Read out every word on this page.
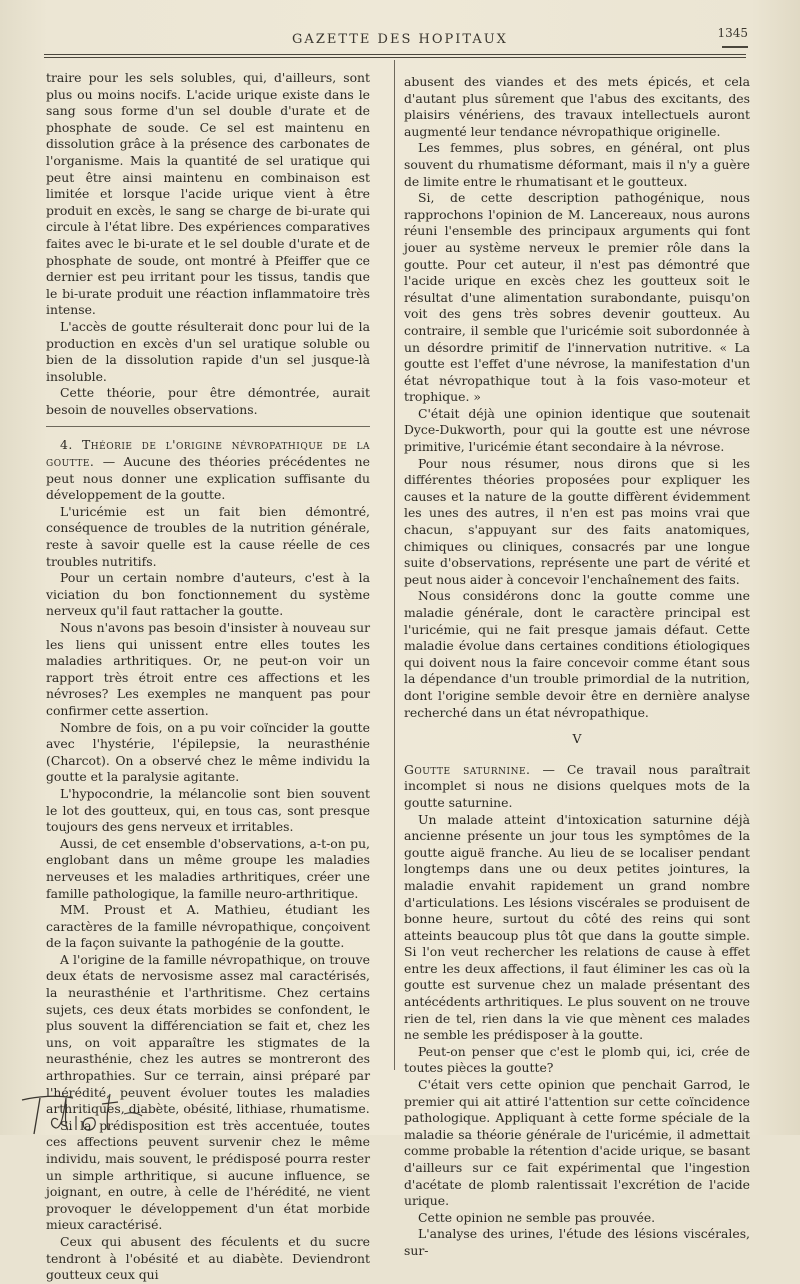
GAZETTE DES HOPITAUX	1345

traire pour les sels solubles, qui, d'ailleurs, sont plus ou moins nocifs. L'acide urique existe dans le sang sous forme d'un sel double d'urate et de phosphate de soude. Ce sel est maintenu en dissolution grâce à la présence des carbonates de l'organisme. Mais la quantité de sel uratique qui peut être ainsi maintenu en combinaison est limitée et lorsque l'acide urique vient à être produit en excès, le sang se charge de bi-urate qui circule à l'état libre. Des expériences comparatives faites avec le bi-urate et le sel double d'urate et de phosphate de soude, ont montré à Pfeiffer que ce dernier est peu irritant pour les tissus, tandis que le bi-urate produit une réaction inflammatoire très intense.

L'accès de goutte résulterait donc pour lui de la production en excès d'un sel uratique soluble ou bien de la dissolution rapide d'un sel jusque-là insoluble.

Cette théorie, pour être démontrée, aurait besoin de nouvelles observations.

4. Théorie de l'origine névropathique de la goutte. — Aucune des théories précédentes ne peut nous donner une explication suffisante du développement de la goutte.

L'uricémie est un fait bien démontré, conséquence de troubles de la nutrition générale, reste à savoir quelle est la cause réelle de ces troubles nutritifs.

Pour un certain nombre d'auteurs, c'est à la viciation du bon fonctionnement du système nerveux qu'il faut rattacher la goutte.

Nous n'avons pas besoin d'insister à nouveau sur les liens qui unissent entre elles toutes les maladies arthritiques. Or, ne peut-on voir un rapport très étroit entre ces affections et les névroses? Les exemples ne manquent pas pour confirmer cette assertion.

Nombre de fois, on a pu voir coïncider la goutte avec l'hystérie, l'épilepsie, la neurasthénie (Charcot). On a observé chez le même individu la goutte et la paralysie agitante.

L'hypocondrie, la mélancolie sont bien souvent le lot des goutteux, qui, en tous cas, sont presque toujours des gens nerveux et irritables.

Aussi, de cet ensemble d'observations, a-t-on pu, englobant dans un même groupe les maladies nerveuses et les maladies arthritiques, créer une famille pathologique, la famille neuro-arthritique.

MM. Proust et A. Mathieu, étudiant les caractères de la famille névropathique, conçoivent de la façon suivante la pathogénie de la goutte.

A l'origine de la famille névropathique, on trouve deux états de nervosisme assez mal caractérisés, la neurasthénie et l'arthritisme. Chez certains sujets, ces deux états morbides se confondent, le plus souvent la différenciation se fait et, chez les uns, on voit apparaître les stigmates de la neurasthénie, chez les autres se montreront des arthropathies. Sur ce terrain, ainsi préparé par l'hérédité, peuvent évoluer toutes les maladies arthritiques, diabète, obésité, lithiase, rhumatisme.

Si la prédisposition est très accentuée, toutes ces affections peuvent survenir chez le même individu, mais souvent, le prédisposé pourra rester un simple arthritique, si aucune influence, se joignant, en outre, à celle de l'hérédité, ne vient provoquer le développement d'un état morbide mieux caractérisé.

Ceux qui abusent des féculents et du sucre tendront à l'obésité et au diabète. Deviendront goutteux ceux qui

abusent des viandes et des mets épicés, et cela d'autant plus sûrement que l'abus des excitants, des plaisirs vénériens, des travaux intellectuels auront augmenté leur tendance névropathique originelle.

Les femmes, plus sobres, en général, ont plus souvent du rhumatisme déformant, mais il n'y a guère de limite entre le rhumatisant et le goutteux.

Si, de cette description pathogénique, nous rapprochons l'opinion de M. Lancereaux, nous aurons réuni l'ensemble des principaux arguments qui font jouer au système nerveux le premier rôle dans la goutte. Pour cet auteur, il n'est pas démontré que l'acide urique en excès chez les goutteux soit le résultat d'une alimentation surabondante, puisqu'on voit des gens très sobres devenir goutteux. Au contraire, il semble que l'uricémie soit subordonnée à un désordre primitif de l'innervation nutritive. « La goutte est l'effet d'une névrose, la manifestation d'un état névropathique tout à la fois vaso-moteur et trophique. »

C'était déjà une opinion identique que soutenait Dyce-Dukworth, pour qui la goutte est une névrose primitive, l'uricémie étant secondaire à la névrose.

Pour nous résumer, nous dirons que si les différentes théories proposées pour expliquer les causes et la nature de la goutte diffèrent évidemment les unes des autres, il n'en est pas moins vrai que chacun, s'appuyant sur des faits anatomiques, chimiques ou cliniques, consacrés par une longue suite d'observations, représente une part de vérité et peut nous aider à concevoir l'enchaînement des faits.

Nous considérons donc la goutte comme une maladie générale, dont le caractère principal est l'uricémie, qui ne fait presque jamais défaut. Cette maladie évolue dans certaines conditions étiologiques qui doivent nous la faire concevoir comme étant sous la dépendance d'un trouble primordial de la nutrition, dont l'origine semble devoir être en dernière analyse recherché dans un état névropathique.

V

Goutte saturnine. — Ce travail nous paraîtrait incomplet si nous ne disions quelques mots de la goutte saturnine.

Un malade atteint d'intoxication saturnine déjà ancienne présente un jour tous les symptômes de la goutte aiguë franche. Au lieu de se localiser pendant longtemps dans une ou deux petites jointures, la maladie envahit rapidement un grand nombre d'articulations. Les lésions viscérales se produisent de bonne heure, surtout du côté des reins qui sont atteints beaucoup plus tôt que dans la goutte simple. Si l'on veut rechercher les relations de cause à effet entre les deux affections, il faut éliminer les cas où la goutte est survenue chez un malade présentant des antécédents arthritiques. Le plus souvent on ne trouve rien de tel, rien dans la vie que mènent ces malades ne semble les prédisposer à la goutte.

Peut-on penser que c'est le plomb qui, ici, crée de toutes pièces la goutte?

C'était vers cette opinion que penchait Garrod, le premier qui ait attiré l'attention sur cette coïncidence pathologique. Appliquant à cette forme spéciale de la maladie sa théorie générale de l'uricémie, il admettait comme probable la rétention d'acide urique, se basant d'ailleurs sur ce fait expérimental que l'ingestion d'acétate de plomb ralentissait l'excrétion de l'acide urique.

Cette opinion ne semble pas prouvée.

L'analyse des urines, l'étude des lésions viscérales, sur-
